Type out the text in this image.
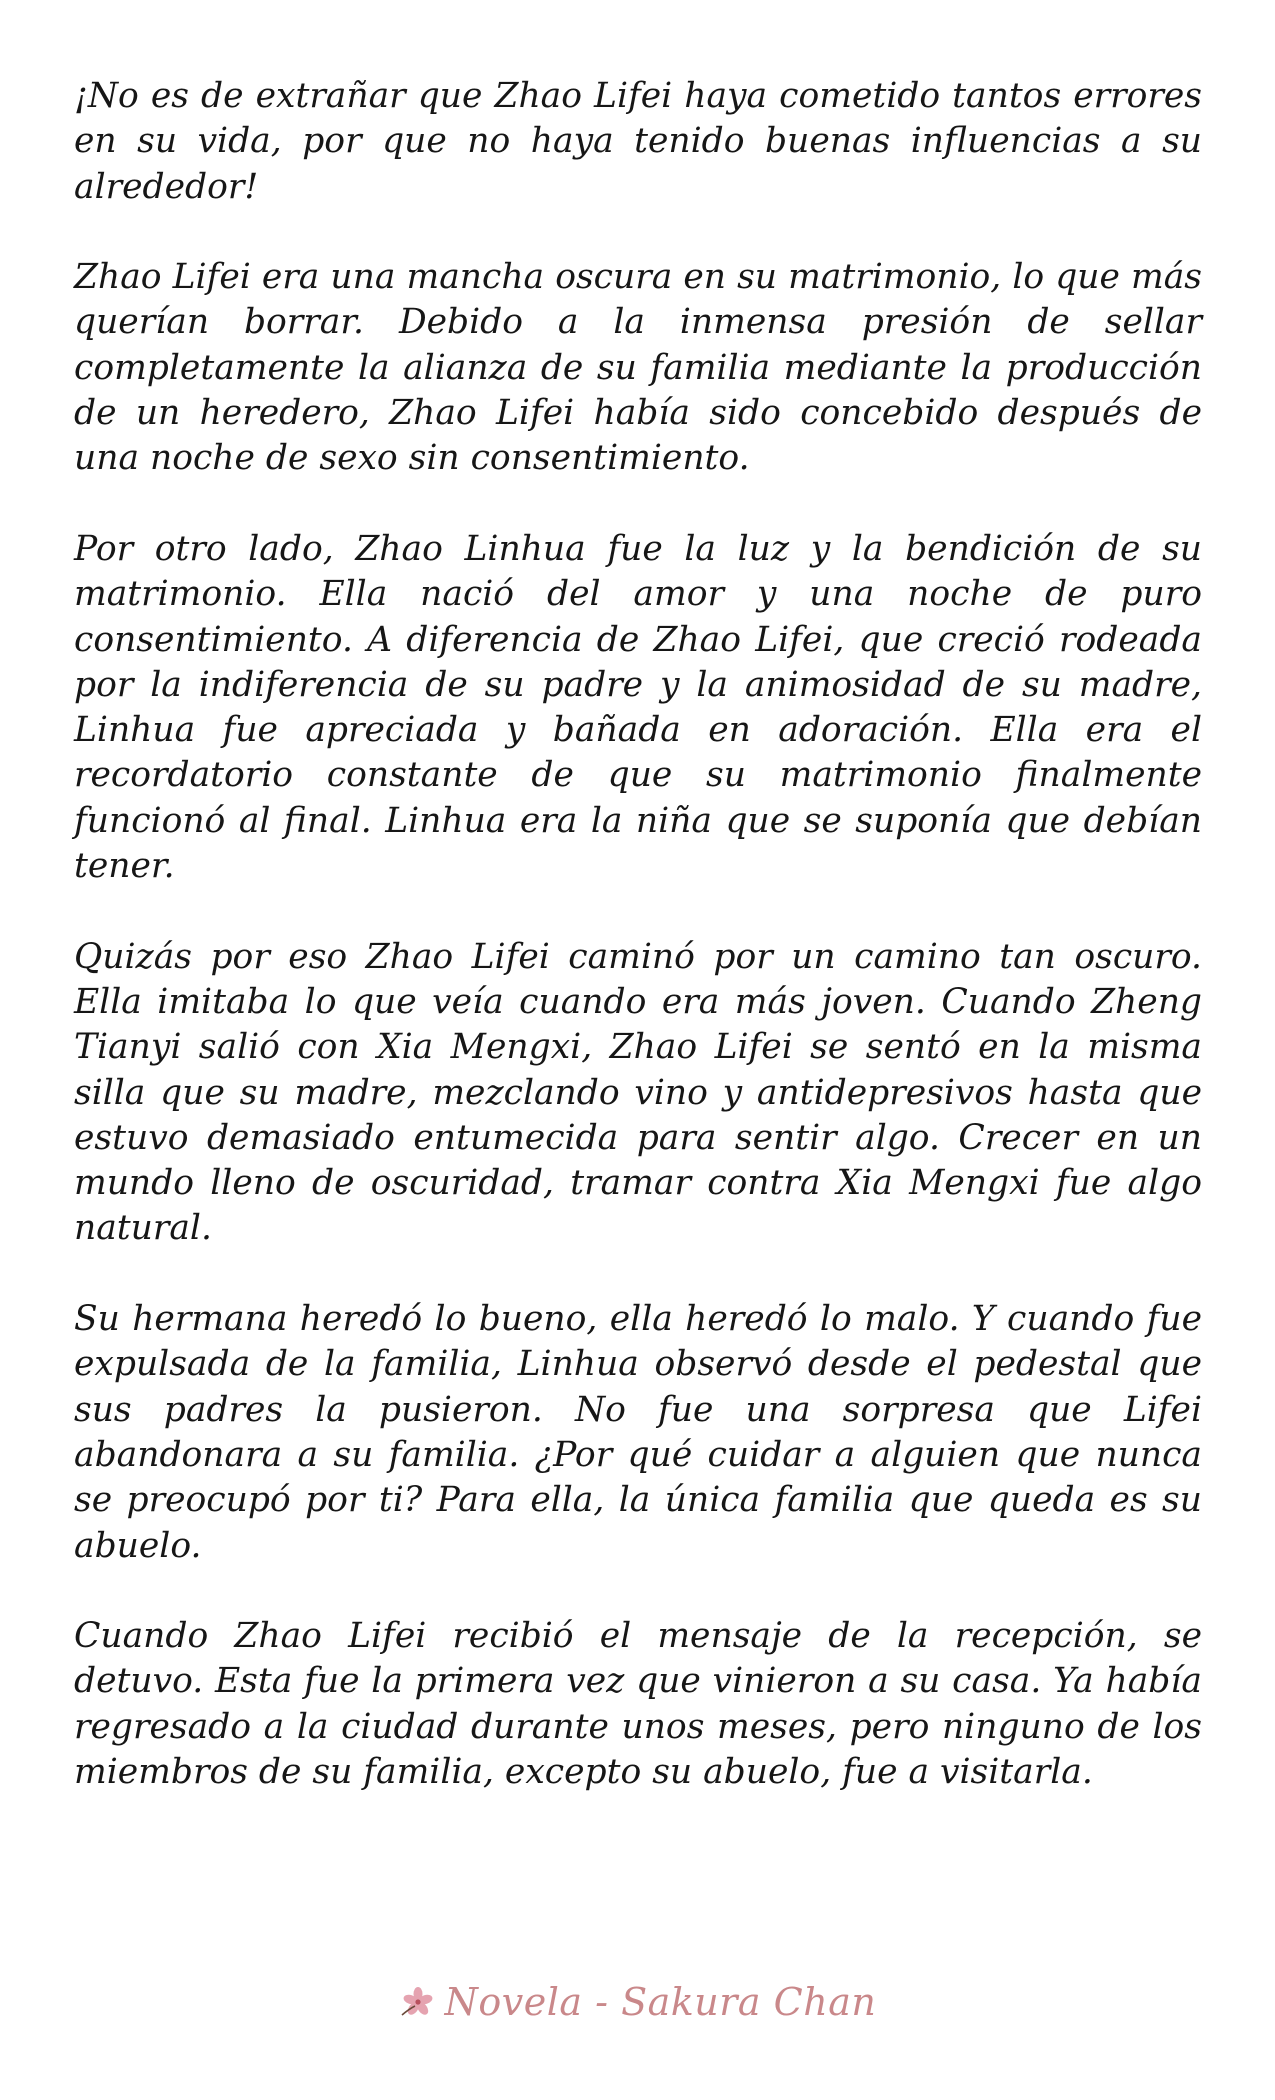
¡No es de extrañar que Zhao Lifei haya cometido tantos errores en su vida, por que no haya tenido buenas influencias a su alrededor!

Zhao Lifei era una mancha oscura en su matrimonio, lo que más querían borrar. Debido a la inmensa presión de sellar completamente la alianza de su familia mediante la producción de un heredero, Zhao Lifei había sido concebido después de una noche de sexo sin consentimiento.

Por otro lado, Zhao Linhua fue la luz y la bendición de su matrimonio. Ella nació del amor y una noche de puro consentimiento. A diferencia de Zhao Lifei, que creció rodeada por la indiferencia de su padre y la animosidad de su madre, Linhua fue apreciada y bañada en adoración. Ella era el recordatorio constante de que su matrimonio finalmente funcionó al final. Linhua era la niña que se suponía que debían tener.

Quizás por eso Zhao Lifei caminó por un camino tan oscuro. Ella imitaba lo que veía cuando era más joven. Cuando Zheng Tianyi salió con Xia Mengxi, Zhao Lifei se sentó en la misma silla que su madre, mezclando vino y antidepresivos hasta que estuvo demasiado entumecida para sentir algo. Crecer en un mundo lleno de oscuridad, tramar contra Xia Mengxi fue algo natural.

Su hermana heredó lo bueno, ella heredó lo malo. Y cuando fue expulsada de la familia, Linhua observó desde el pedestal que sus padres la pusieron. No fue una sorpresa que Lifei abandonara a su familia. ¿Por qué cuidar a alguien que nunca se preocupó por ti? Para ella, la única familia que queda es su abuelo.

Cuando Zhao Lifei recibió el mensaje de la recepción, se detuvo. Esta fue la primera vez que vinieron a su casa. Ya había regresado a la ciudad durante unos meses, pero ninguno de los miembros de su familia, excepto su abuelo, fue a visitarla.

Novela - Sakura Chan
